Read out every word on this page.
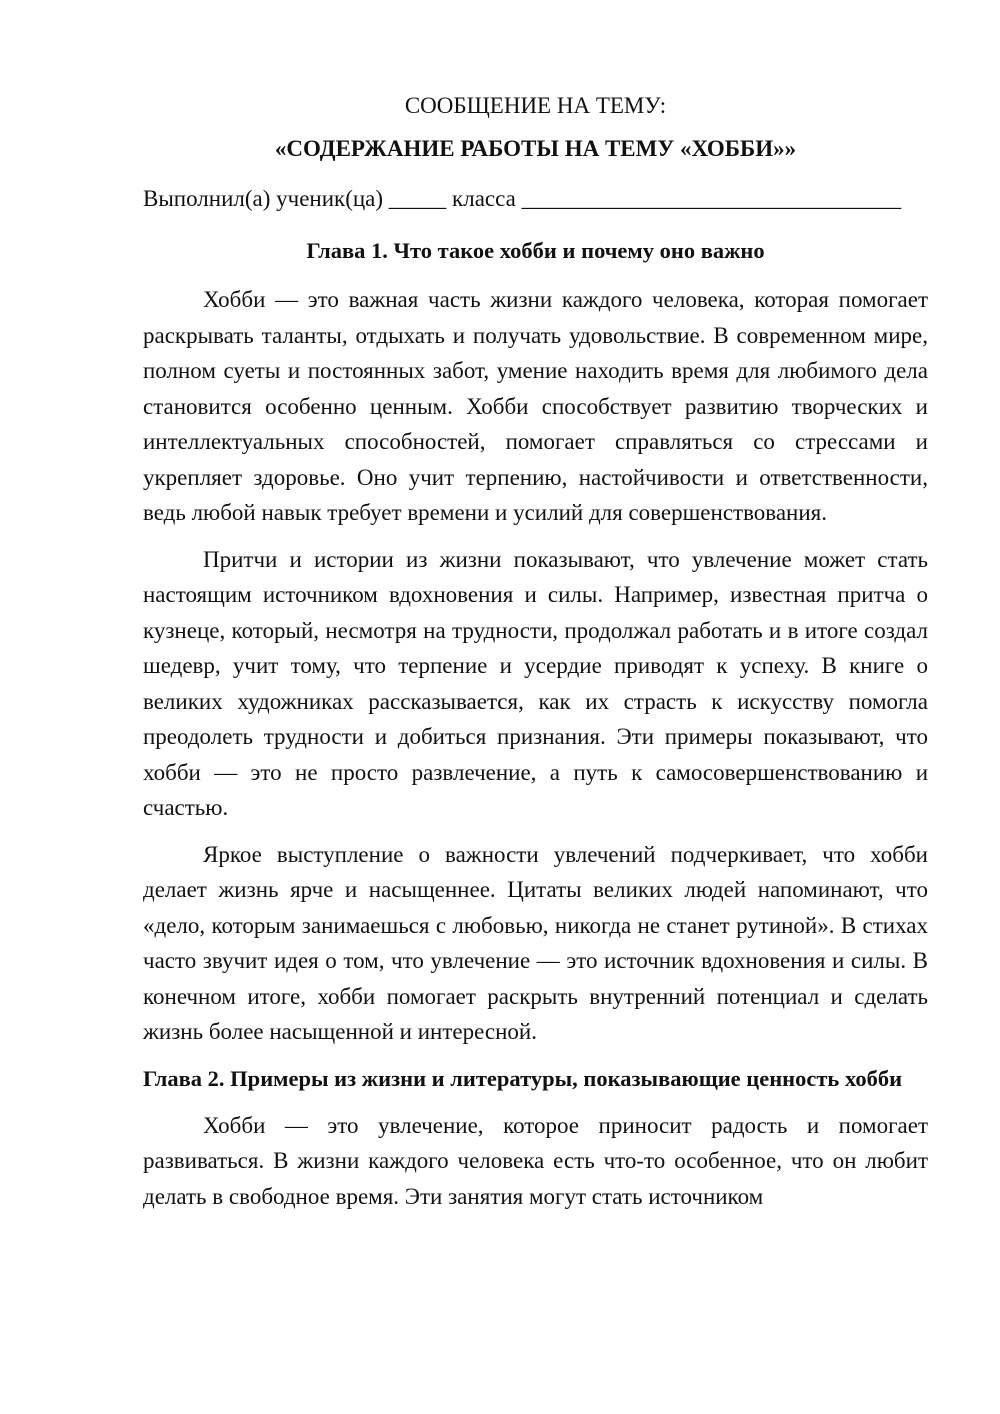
СООБЩЕНИЕ НА ТЕМУ:
«СОДЕРЖАНИЕ РАБОТЫ НА ТЕМУ «ХОББИ»»

Выполнил(а) ученик(ца) _____ класса _________________________________

Глава 1. Что такое хобби и почему оно важно

Хобби — это важная часть жизни каждого человека, которая помогает раскрывать таланты, отдыхать и получать удовольствие. В современном мире, полном суеты и постоянных забот, умение находить время для любимого дела становится особенно ценным. Хобби способствует развитию творческих и интеллектуальных способностей, помогает справляться со стрессами и укрепляет здоровье. Оно учит терпению, настойчивости и ответственности, ведь любой навык требует времени и усилий для совершенствования.

Притчи и истории из жизни показывают, что увлечение может стать настоящим источником вдохновения и силы. Например, известная притча о кузнеце, который, несмотря на трудности, продолжал работать и в итоге создал шедевр, учит тому, что терпение и усердие приводят к успеху. В книге о великих художниках рассказывается, как их страсть к искусству помогла преодолеть трудности и добиться признания. Эти примеры показывают, что хобби — это не просто развлечение, а путь к самосовершенствованию и счастью.

Яркое выступление о важности увлечений подчеркивает, что хобби делает жизнь ярче и насыщеннее. Цитаты великих людей напоминают, что «дело, которым занимаешься с любовью, никогда не станет рутиной». В стихах часто звучит идея о том, что увлечение — это источник вдохновения и силы. В конечном итоге, хобби помогает раскрыть внутренний потенциал и сделать жизнь более насыщенной и интересной.

Глава 2. Примеры из жизни и литературы, показывающие ценность хобби

Хобби — это увлечение, которое приносит радость и помогает развиваться. В жизни каждого человека есть что-то особенное, что он любит делать в свободное время. Эти занятия могут стать источником
